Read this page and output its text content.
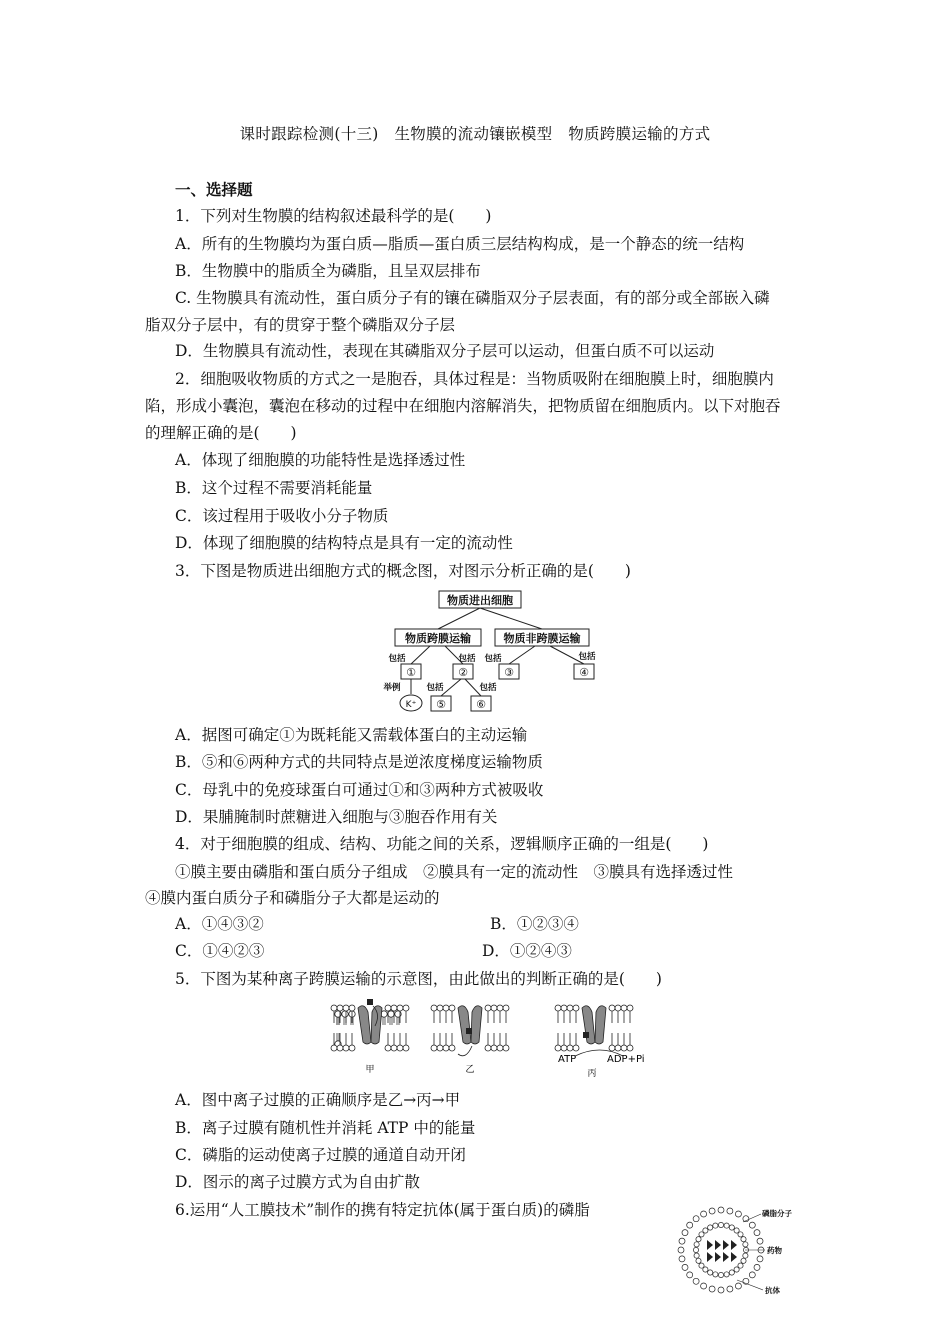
课时跟踪检测(十三)　生物膜的流动镶嵌模型　物质跨膜运输的方式
一、选择题
1．下列对生物膜的结构叙述最科学的是(　　)
A．所有的生物膜均为蛋白质—脂质—蛋白质三层结构构成，是一个静态的统一结构
B．生物膜中的脂质全为磷脂，且呈双层排布
C. 生物膜具有流动性，蛋白质分子有的镶在磷脂双分子层表面，有的部分或全部嵌入磷
脂双分子层中，有的贯穿于整个磷脂双分子层
D．生物膜具有流动性，表现在其磷脂双分子层可以运动，但蛋白质不可以运动
2．细胞吸收物质的方式之一是胞吞，具体过程是：当物质吸附在细胞膜上时，细胞膜内
陷，形成小囊泡，囊泡在移动的过程中在细胞内溶解消失，把物质留在细胞质内。以下对胞吞
的理解正确的是(　　)
A．体现了细胞膜的功能特性是选择透过性
B．这个过程不需要消耗能量
C．该过程用于吸收小分子物质
D．体现了细胞膜的结构特点是具有一定的流动性
3．下图是物质进出细胞方式的概念图，对图示分析正确的是(　　)
物质进出细胞
物质跨膜运输	物质非跨膜运输
①	②	③	④
⑤	⑥
K⁺
包括	包括 包括	包括
举例	包括	包括
A．据图可确定①为既耗能又需载体蛋白的主动运输
B．⑤和⑥两种方式的共同特点是逆浓度梯度运输物质
C．母乳中的免疫球蛋白可通过①和③两种方式被吸收
D．果脯腌制时蔗糖进入细胞与③胞吞作用有关
4．对于细胞膜的组成、结构、功能之间的关系，逻辑顺序正确的一组是(　　)
①膜主要由磷脂和蛋白质分子组成　②膜具有一定的流动性　③膜具有选择透过性
④膜内蛋白质分子和磷脂分子大都是运动的
A．①④③②	B．①②③④
C．①④②③	D．①②④③
5．下图为某种离子跨膜运输的示意图，由此做出的判断正确的是(　　)
甲	乙
ATP	ADP+Pi
丙
A．图中离子过膜的正确顺序是乙→丙→甲
B．离子过膜有随机性并消耗 ATP 中的能量
C．磷脂的运动使离子过膜的通道自动开闭
D．图示的离子过膜方式为自由扩散
6.运用“人工膜技术”制作的携有特定抗体(属于蛋白质)的磷脂	磷脂分子
药物
抗体
